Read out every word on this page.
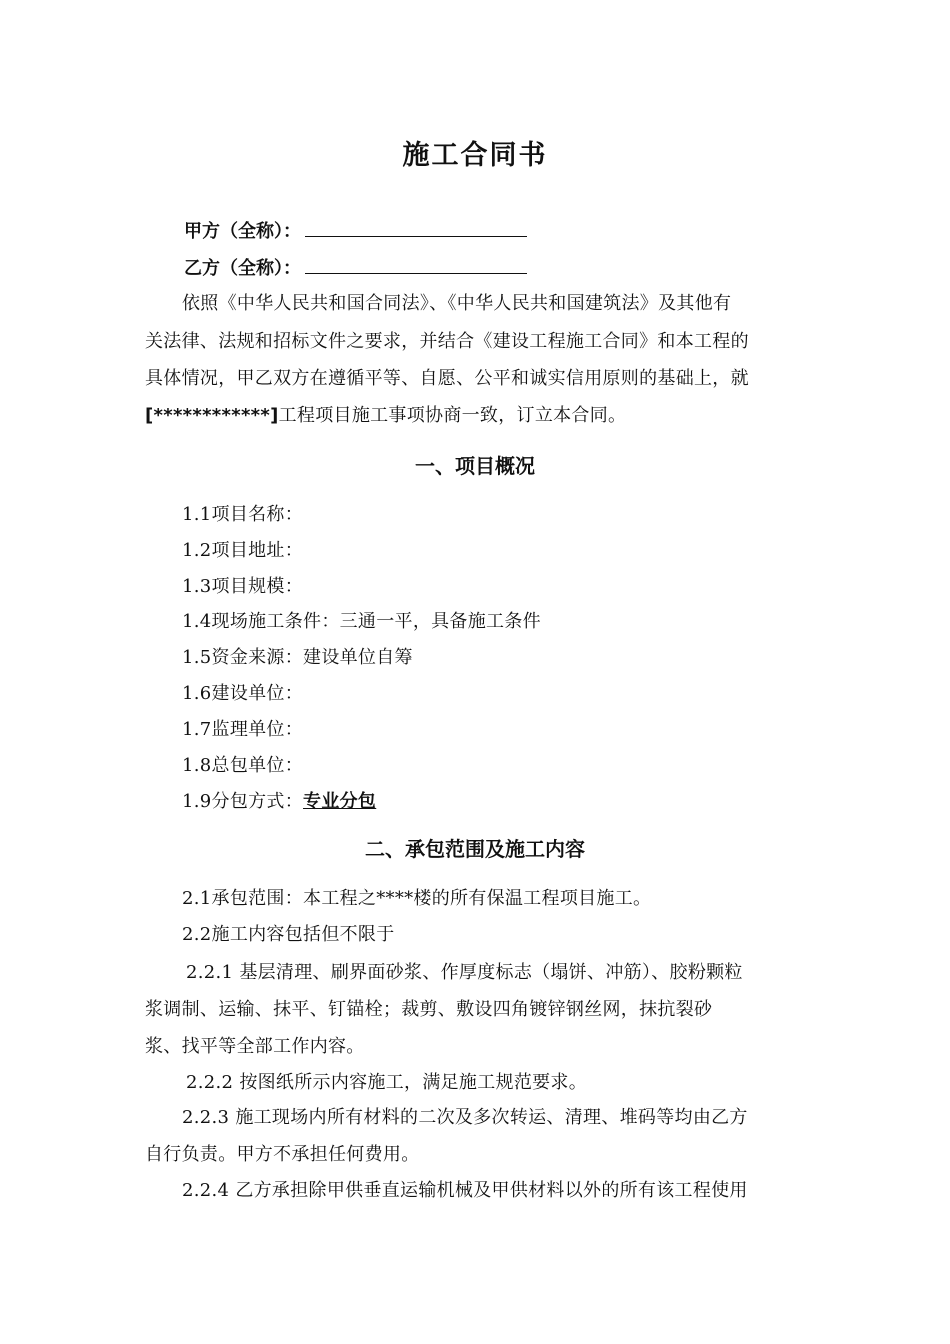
施工合同书
甲方（全称）：
乙方（全称）：
依照《中华人民共和国合同法》、《中华人民共和国建筑法》及其他有
关法律、法规和招标文件之要求，并结合《建设工程施工合同》和本工程的
具体情况，甲乙双方在遵循平等、自愿、公平和诚实信用原则的基础上，就
[************]工程项目施工事项协商一致，订立本合同。
一、项目概况
1.1项目名称：
1.2项目地址：
1.3项目规模：
1.4现场施工条件：三通一平，具备施工条件
1.5资金来源：建设单位自筹
1.6建设单位：
1.7监理单位：
1.8总包单位：
1.9分包方式：专业分包
二、承包范围及施工内容
2.1承包范围：本工程之****楼的所有保温工程项目施工。
2.2施工内容包括但不限于
2.2.1 基层清理、刷界面砂浆、作厚度标志（塌饼、冲筋）、胶粉颗粒
浆调制、运输、抹平、钉锚栓；裁剪、敷设四角镀锌钢丝网，抹抗裂砂
浆、找平等全部工作内容。
2.2.2 按图纸所示内容施工，满足施工规范要求。
2.2.3 施工现场内所有材料的二次及多次转运、清理、堆码等均由乙方
自行负责。甲方不承担任何费用。
2.2.4 乙方承担除甲供垂直运输机械及甲供材料以外的所有该工程使用
